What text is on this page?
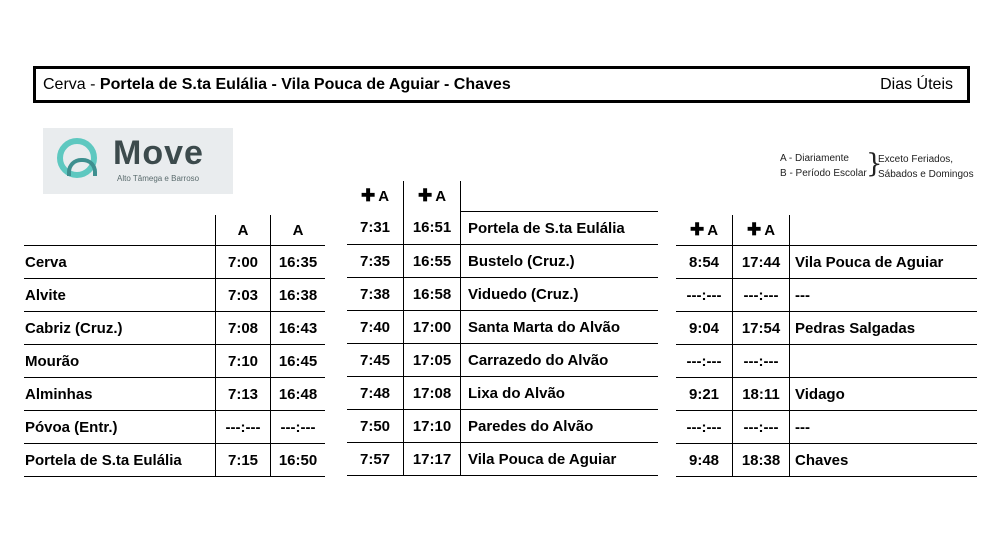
Cerva - Portela de S.ta Eulália - Vila Pouca de Aguiar - Chaves	Dias Úteis
Move
Alto Tâmega e Barroso
A - Diariamente
B - Período Escolar }
Exceto Feriados, Sábados e Domingos
	A	A
Cerva	7:00	16:35
Alvite	7:03	16:38
Cabriz (Cruz.)	7:08	16:43
Mourão	7:10	16:45
Alminhas	7:13	16:48
Póvoa (Entr.)	---:---	---:---
Portela de S.ta Eulália	7:15	16:50
✚ A	✚ A	
7:31	16:51	Portela de S.ta Eulália
7:35	16:55	Bustelo (Cruz.)
7:38	16:58	Viduedo (Cruz.)
7:40	17:00	Santa Marta do Alvão
7:45	17:05	Carrazedo do Alvão
7:48	17:08	Lixa do Alvão
7:50	17:10	Paredes do Alvão
7:57	17:17	Vila Pouca de Aguiar
✚ A	✚ A	
8:54	17:44	Vila Pouca de Aguiar
---:---	---:---	---
9:04	17:54	Pedras Salgadas
---:---	---:---	
9:21	18:11	Vidago
---:---	---:---	---
9:48	18:38	Chaves
